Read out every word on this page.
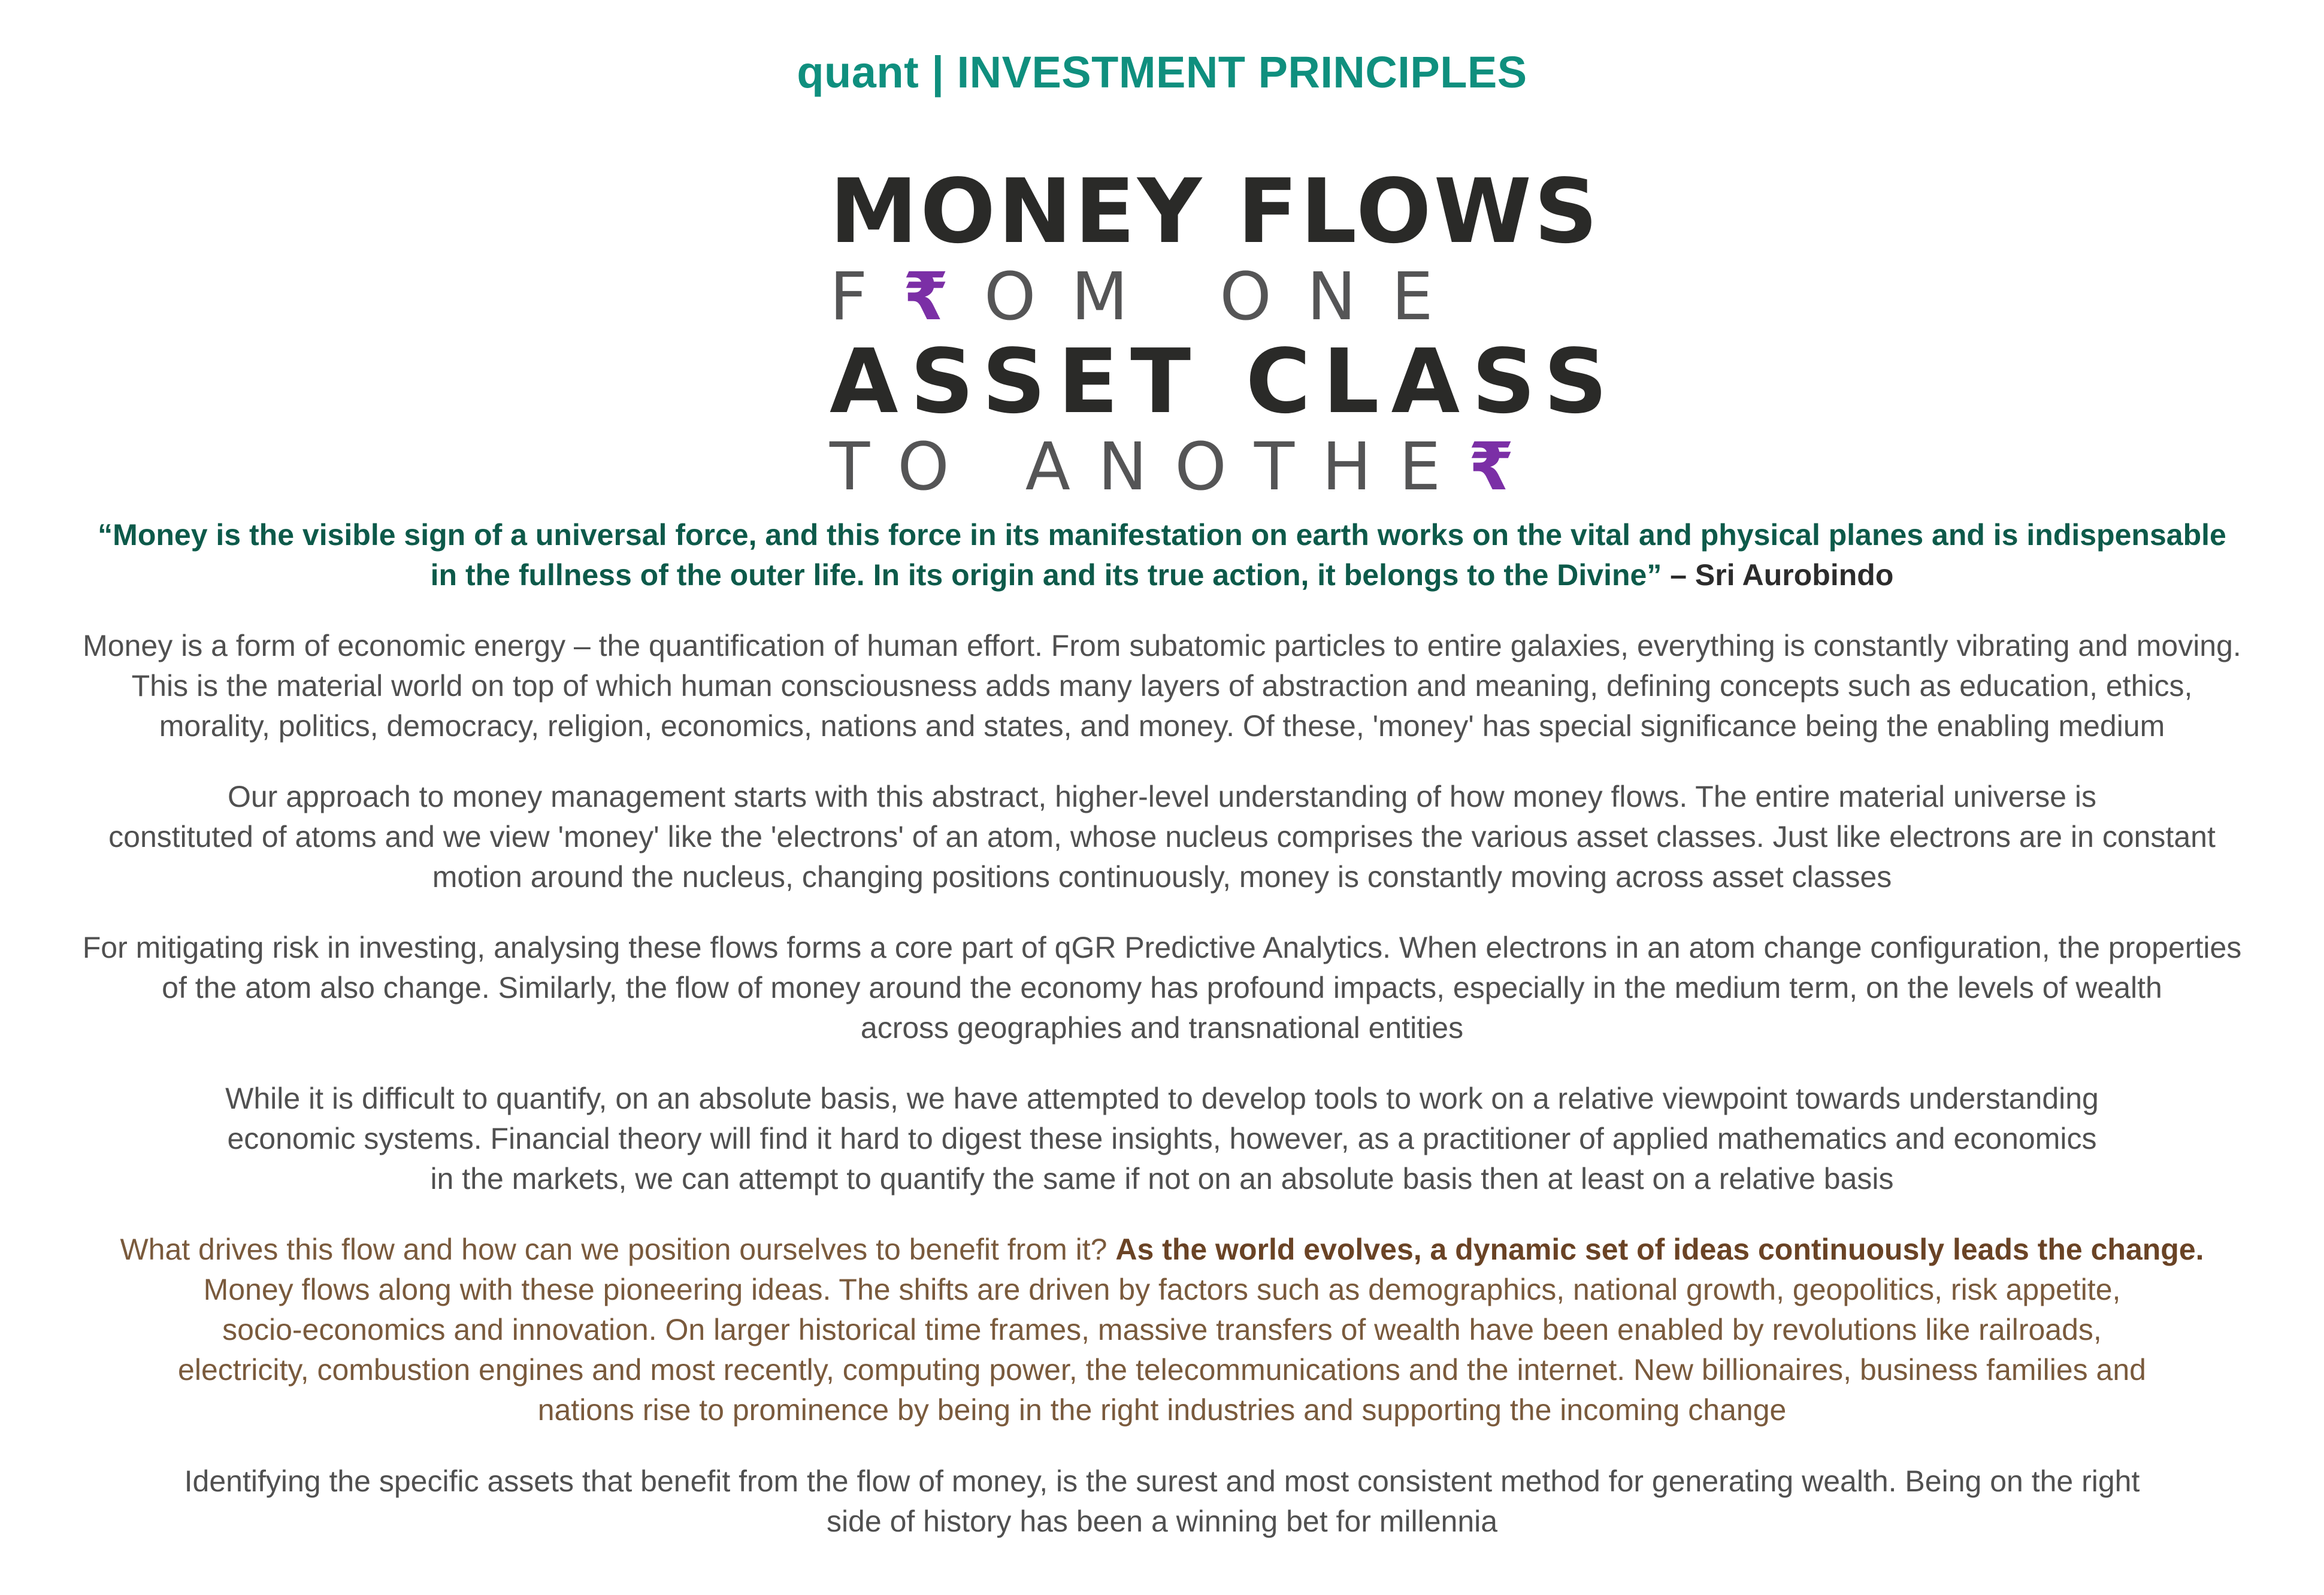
quant | INVESTMENT PRINCIPLES
MONEY FLOWS
F₹OM ONE
ASSET CLASS
TO ANOTHE₹
“Money is the visible sign of a universal force, and this force in its manifestation on earth works on the vital and physical planes and is indispensable
in the fullness of the outer life. In its origin and its true action, it belongs to the Divine” – Sri Aurobindo
Money is a form of economic energy – the quantification of human effort. From subatomic particles to entire galaxies, everything is constantly vibrating and moving.
This is the material world on top of which human consciousness adds many layers of abstraction and meaning, defining concepts such as education, ethics,
morality, politics, democracy, religion, economics, nations and states, and money. Of these, 'money' has special significance being the enabling medium
Our approach to money management starts with this abstract, higher-level understanding of how money flows. The entire material universe is
constituted of atoms and we view 'money' like the 'electrons' of an atom, whose nucleus comprises the various asset classes. Just like electrons are in constant
motion around the nucleus, changing positions continuously, money is constantly moving across asset classes
For mitigating risk in investing, analysing these flows forms a core part of qGR Predictive Analytics. When electrons in an atom change configuration, the properties
of the atom also change. Similarly, the flow of money around the economy has profound impacts, especially in the medium term, on the levels of wealth
across geographies and transnational entities
While it is difficult to quantify, on an absolute basis, we have attempted to develop tools to work on a relative viewpoint towards understanding
economic systems. Financial theory will find it hard to digest these insights, however, as a practitioner of applied mathematics and economics
in the markets, we can attempt to quantify the same if not on an absolute basis then at least on a relative basis
What drives this flow and how can we position ourselves to benefit from it? As the world evolves, a dynamic set of ideas continuously leads the change.
Money flows along with these pioneering ideas. The shifts are driven by factors such as demographics, national growth, geopolitics, risk appetite,
socio-economics and innovation. On larger historical time frames, massive transfers of wealth have been enabled by revolutions like railroads,
electricity, combustion engines and most recently, computing power, the telecommunications and the internet. New billionaires, business families and
nations rise to prominence by being in the right industries and supporting the incoming change
Identifying the specific assets that benefit from the flow of money, is the surest and most consistent method for generating wealth. Being on the right
side of history has been a winning bet for millennia
